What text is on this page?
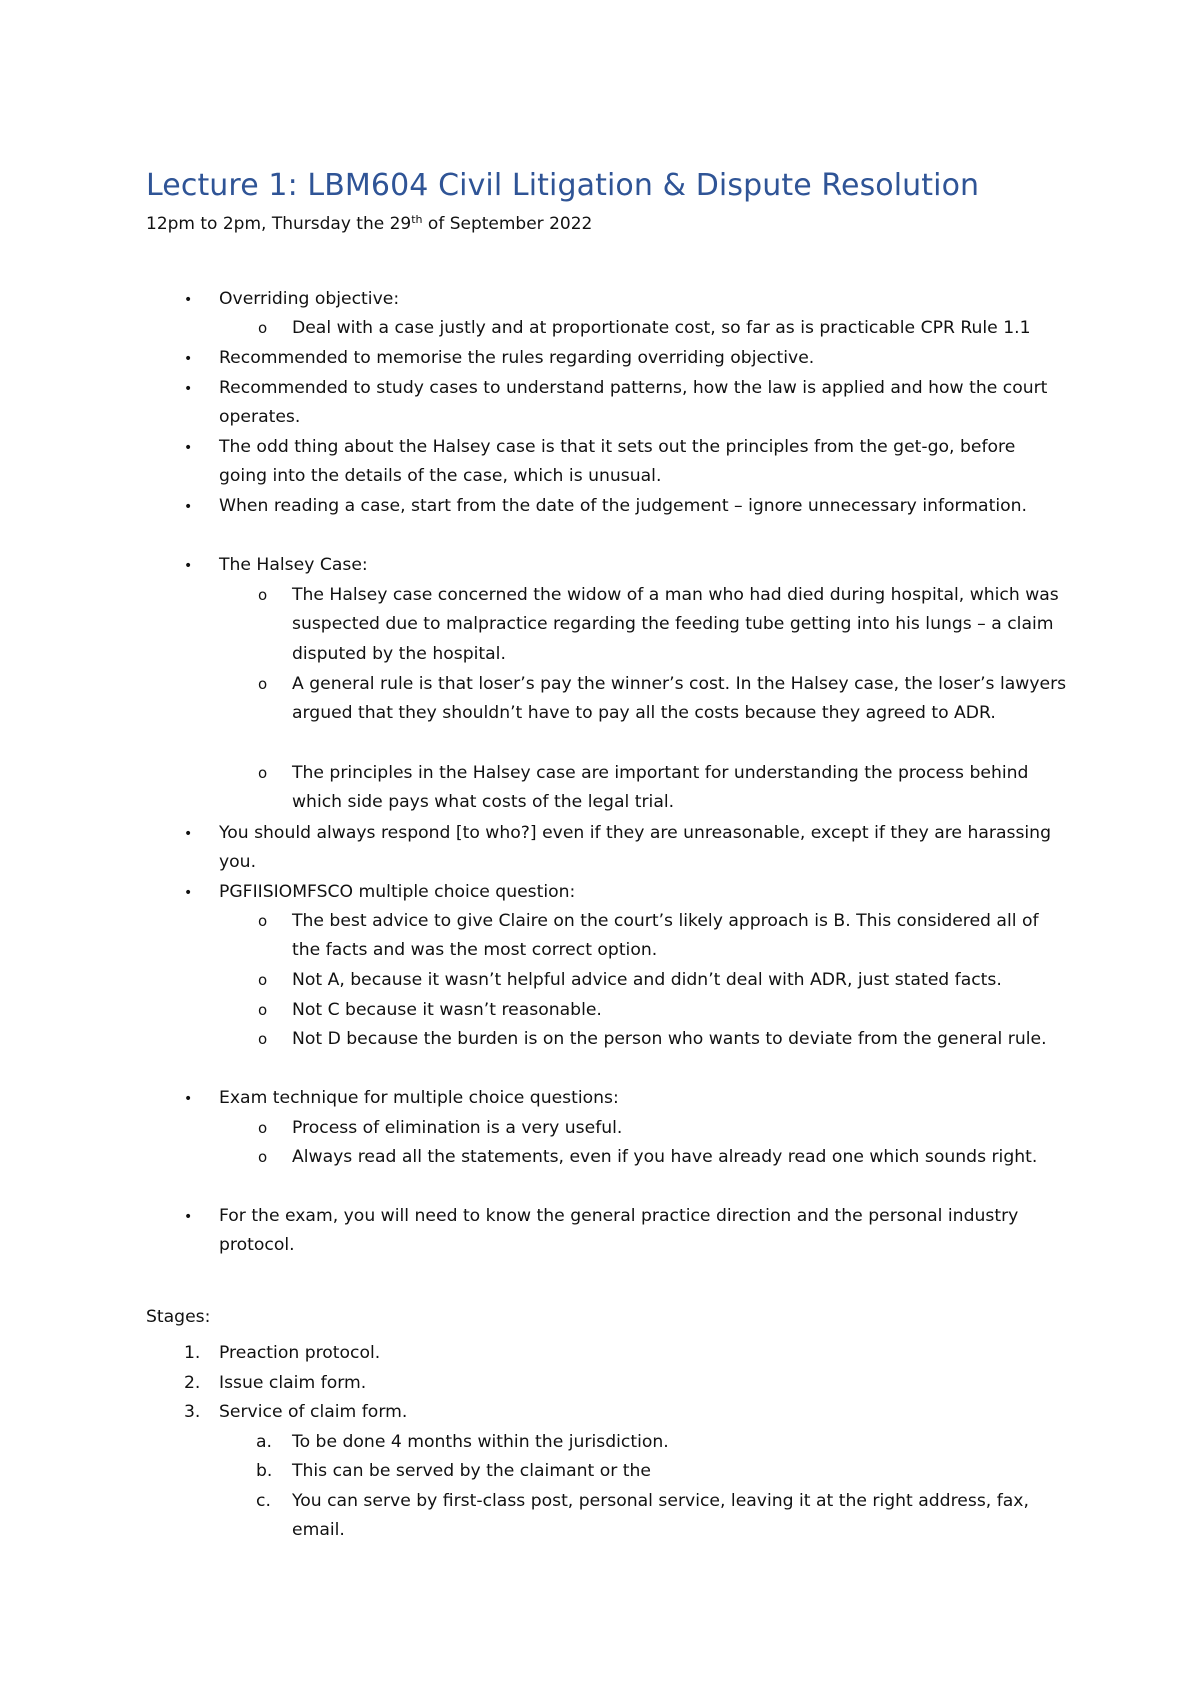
Lecture 1: LBM604 Civil Litigation & Dispute Resolution
12pm to 2pm, Thursday the 29th of September 2022
• Overriding objective:
o Deal with a case justly and at proportionate cost, so far as is practicable CPR Rule 1.1
• Recommended to memorise the rules regarding overriding objective.
• Recommended to study cases to understand patterns, how the law is applied and how the court operates.
• The odd thing about the Halsey case is that it sets out the principles from the get-go, before going into the details of the case, which is unusual.
• When reading a case, start from the date of the judgement – ignore unnecessary information.
• The Halsey Case:
o The Halsey case concerned the widow of a man who had died during hospital, which was suspected due to malpractice regarding the feeding tube getting into his lungs – a claim disputed by the hospital.
o A general rule is that loser’s pay the winner’s cost. In the Halsey case, the loser’s lawyers argued that they shouldn’t have to pay all the costs because they agreed to ADR.
o The principles in the Halsey case are important for understanding the process behind which side pays what costs of the legal trial.
• You should always respond [to who?] even if they are unreasonable, except if they are harassing you.
• PGFIISIOMFSCO multiple choice question:
o The best advice to give Claire on the court’s likely approach is B. This considered all of the facts and was the most correct option.
o Not A, because it wasn’t helpful advice and didn’t deal with ADR, just stated facts.
o Not C because it wasn’t reasonable.
o Not D because the burden is on the person who wants to deviate from the general rule.
• Exam technique for multiple choice questions:
o Process of elimination is a very useful.
o Always read all the statements, even if you have already read one which sounds right.
• For the exam, you will need to know the general practice direction and the personal industry protocol.
Stages:
1. Preaction protocol.
2. Issue claim form.
3. Service of claim form.
a. To be done 4 months within the jurisdiction.
b. This can be served by the claimant or the
c. You can serve by first-class post, personal service, leaving it at the right address, fax, email.
